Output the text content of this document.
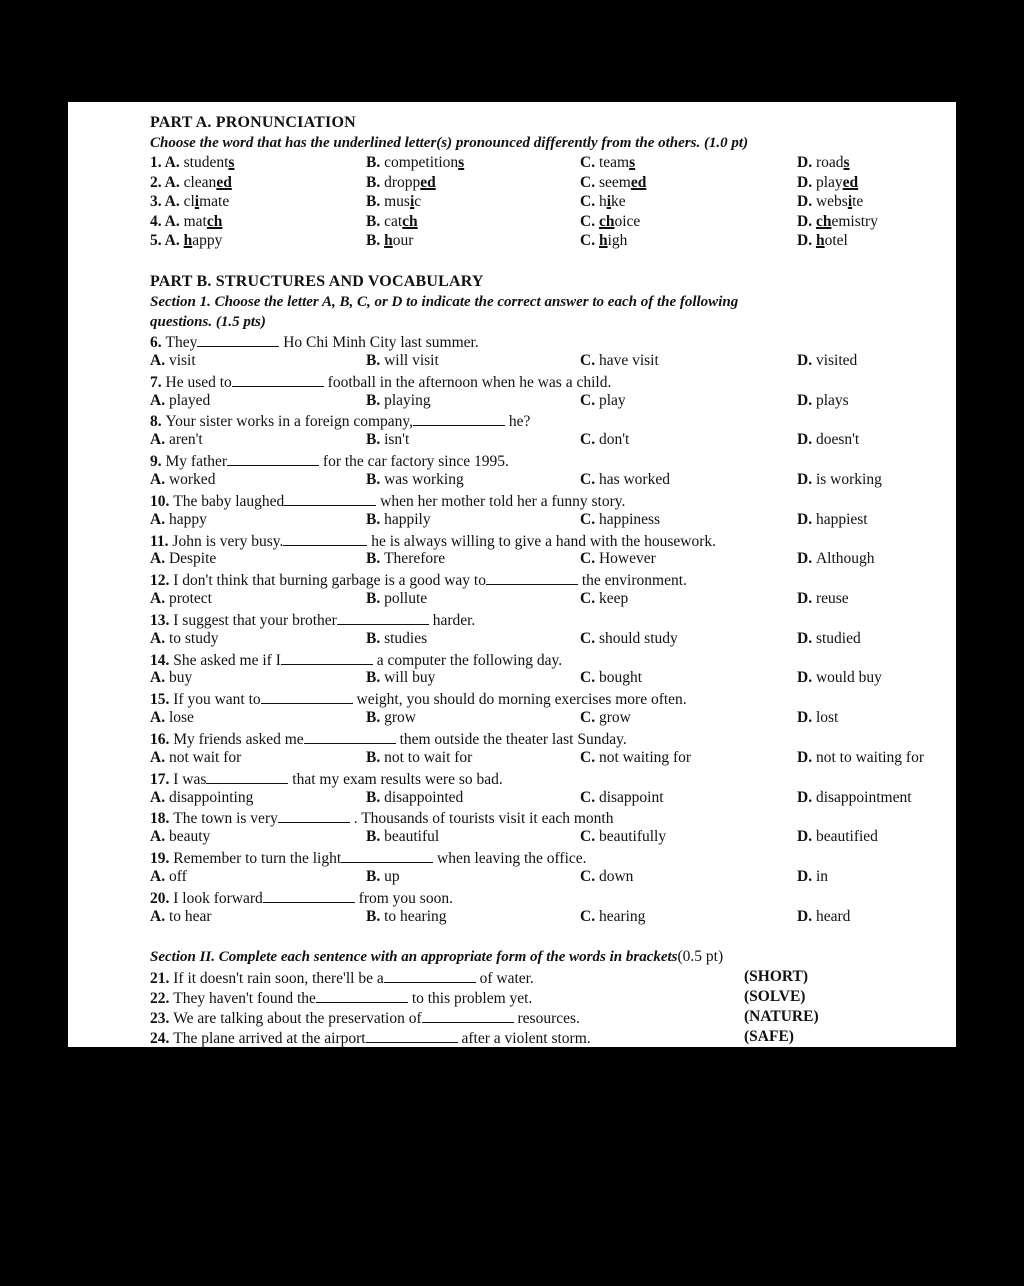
PART A. PRONUNCIATION
Choose the word that has the underlined letter(s) pronounced differently from the others. (1.0 pt)
1. A. students	B. competitions	C. teams	D. roads
2. A. cleaned	B. dropped	C. seemed	D. played
3. A. climate	B. music	C. hike	D. website
4. A. match	B. catch	C. choice	D. chemistry
5. A. happy	B. hour	C. high	D. hotel
PART B. STRUCTURES AND VOCABULARY
Section 1. Choose the letter A, B, C, or D to indicate the correct answer to each of the following
questions. (1.5 pts)
6. They	Ho Chi Minh City last summer.
A. visit	B. will visit	C. have visit	D. visited
7. He used to	football in the afternoon when he was a child.
A. played	B. playing	C. play	D. plays
8. Your sister works in a foreign company,	he?
A. aren't	B. isn't	C. don't	D. doesn't
9. My father	for the car factory since 1995.
A. worked	B. was working	C. has worked	D. is working
10. The baby laughed	when her mother told her a funny story.
A. happy	B. happily	C. happiness	D. happiest
11. John is very busy.	he is always willing to give a hand with the housework.
A. Despite	B. Therefore	C. However	D. Although
12. I don't think that burning garbage is a good way to	the environment.
A. protect	B. pollute	C. keep	D. reuse
13. I suggest that your brother	harder.
A. to study	B. studies	C. should study	D. studied
14. She asked me if I	a computer the following day.
A. buy	B. will buy	C. bought	D. would buy
15. If you want to	weight, you should do morning exercises more often.
A. lose	B. grow	C. grow	D. lost
16. My friends asked me	them outside the theater last Sunday.
A. not wait for	B. not to wait for	C. not waiting for	D. not to waiting for
17. I was	that my exam results were so bad.
A. disappointing	B. disappointed	C. disappoint	D. disappointment
18. The town is very	. Thousands of tourists visit it each month
A. beauty	B. beautiful	C. beautifully	D. beautified
19. Remember to turn the light	when leaving the office.
A. off	B. up	C. down	D. in
20. I look forward	from you soon.
A. to hear	B. to hearing	C. hearing	D. heard
Section II. Complete each sentence with an appropriate form of the words in brackets(0.5 pt)
21. If it doesn't rain soon, there'll be a	of water.	(SHORT)
22. They haven't found the	to this problem yet.	(SOLVE)
23. We are talking about the preservation of	resources.	(NATURE)
24. The plane arrived at the airport	after a violent storm.	(SAFE)
